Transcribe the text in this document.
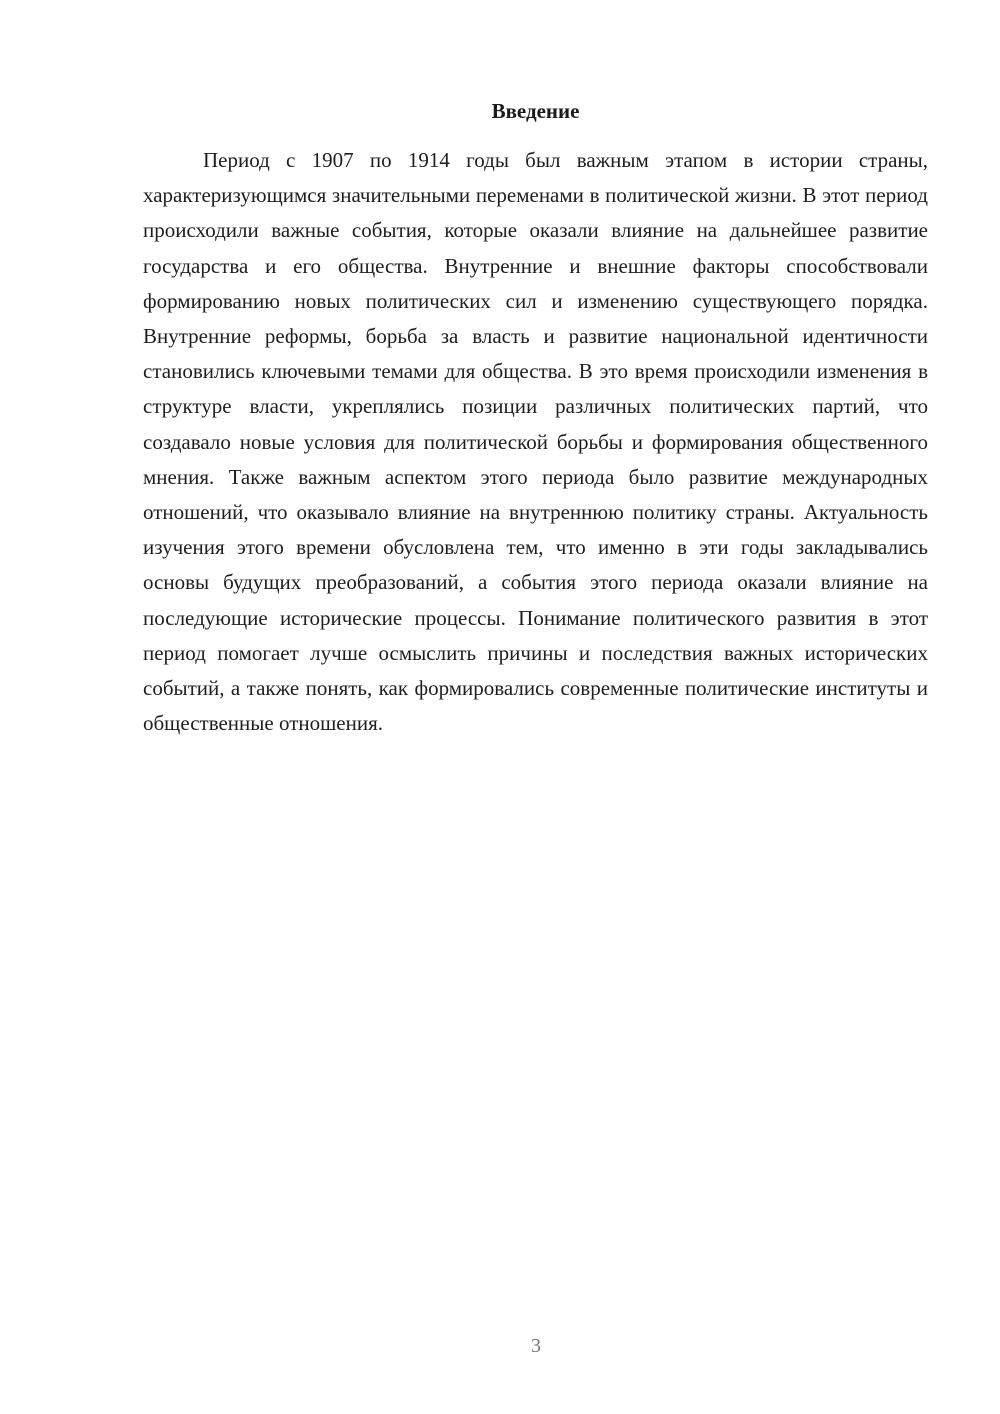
Введение

Период с 1907 по 1914 годы был важным этапом в истории страны, характеризующимся значительными переменами в политической жизни. В этот период происходили важные события, которые оказали влияние на дальнейшее развитие государства и его общества. Внутренние и внешние факторы способствовали формированию новых политических сил и изменению существующего порядка. Внутренние реформы, борьба за власть и развитие национальной идентичности становились ключевыми темами для общества. В это время происходили изменения в структуре власти, укреплялись позиции различных политических партий, что создавало новые условия для политической борьбы и формирования общественного мнения. Также важным аспектом этого периода было развитие международных отношений, что оказывало влияние на внутреннюю политику страны. Актуальность изучения этого времени обусловлена тем, что именно в эти годы закладывались основы будущих преобразований, а события этого периода оказали влияние на последующие исторические процессы. Понимание политического развития в этот период помогает лучше осмыслить причины и последствия важных исторических событий, а также понять, как формировались современные политические институты и общественные отношения.

3
